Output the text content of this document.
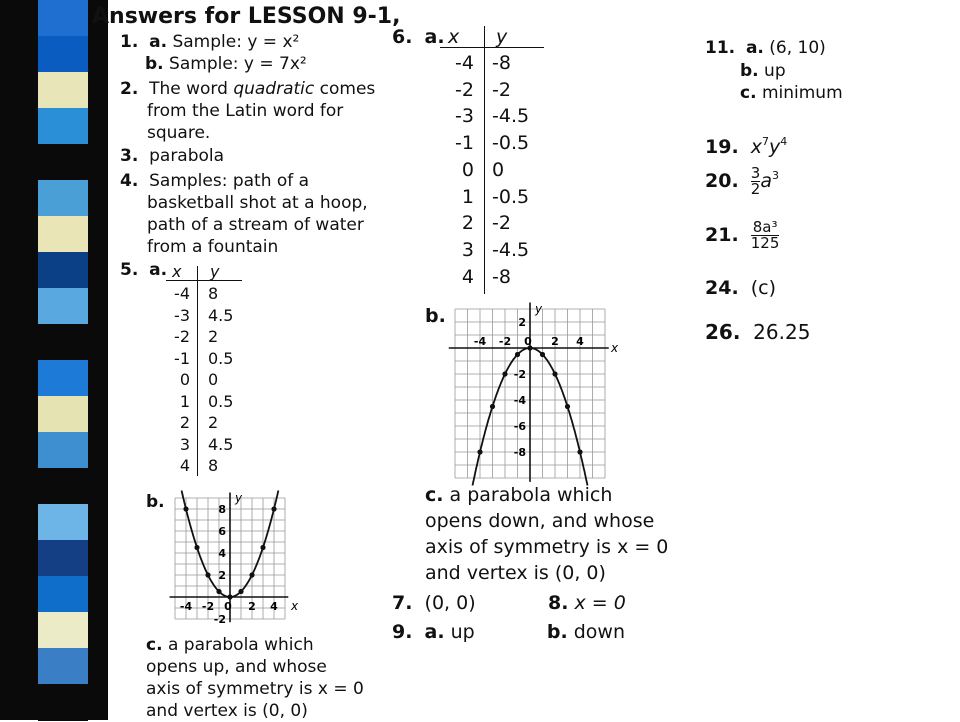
Answers for LESSON 9-1,
1. a. Sample: y = x²
b. Sample: y = 7x²
2. The word quadratic comes
from the Latin word for
square.
3. parabola
4. Samples: path of a
basketball shot at a hoop,
path of a stream of water
from a fountain
5. a. x y
-4 8
-3 4.5
-2 2
-1 0.5
0 0
1 0.5
2 2
3 4.5
4 8
b.
-4 -2 0 2 4
8
6
4
2
-2
x
y
c. a parabola which
opens up, and whose
axis of symmetry is x = 0
and vertex is (0, 0)
6. a. x y
-4 -8
-2 -2
-3 -4.5
-1 -0.5
0 0
1 -0.5
2 -2
3 -4.5
4 -8
b.
-4 -2 0 2 4
2
-2
-4
-6
-8
x
y
c. a parabola which
opens down, and whose
axis of symmetry is x = 0
and vertex is (0, 0)
7. (0, 0)	8. x = 0
9. a. up	b. down
11. a. (6, 10)
b. up
c. minimum
19. $x^7y^4$
20. $\frac{3}{2} a^3$
21. $\frac{\text{8a³}}{125}$
24. (c)
26. 26.25
